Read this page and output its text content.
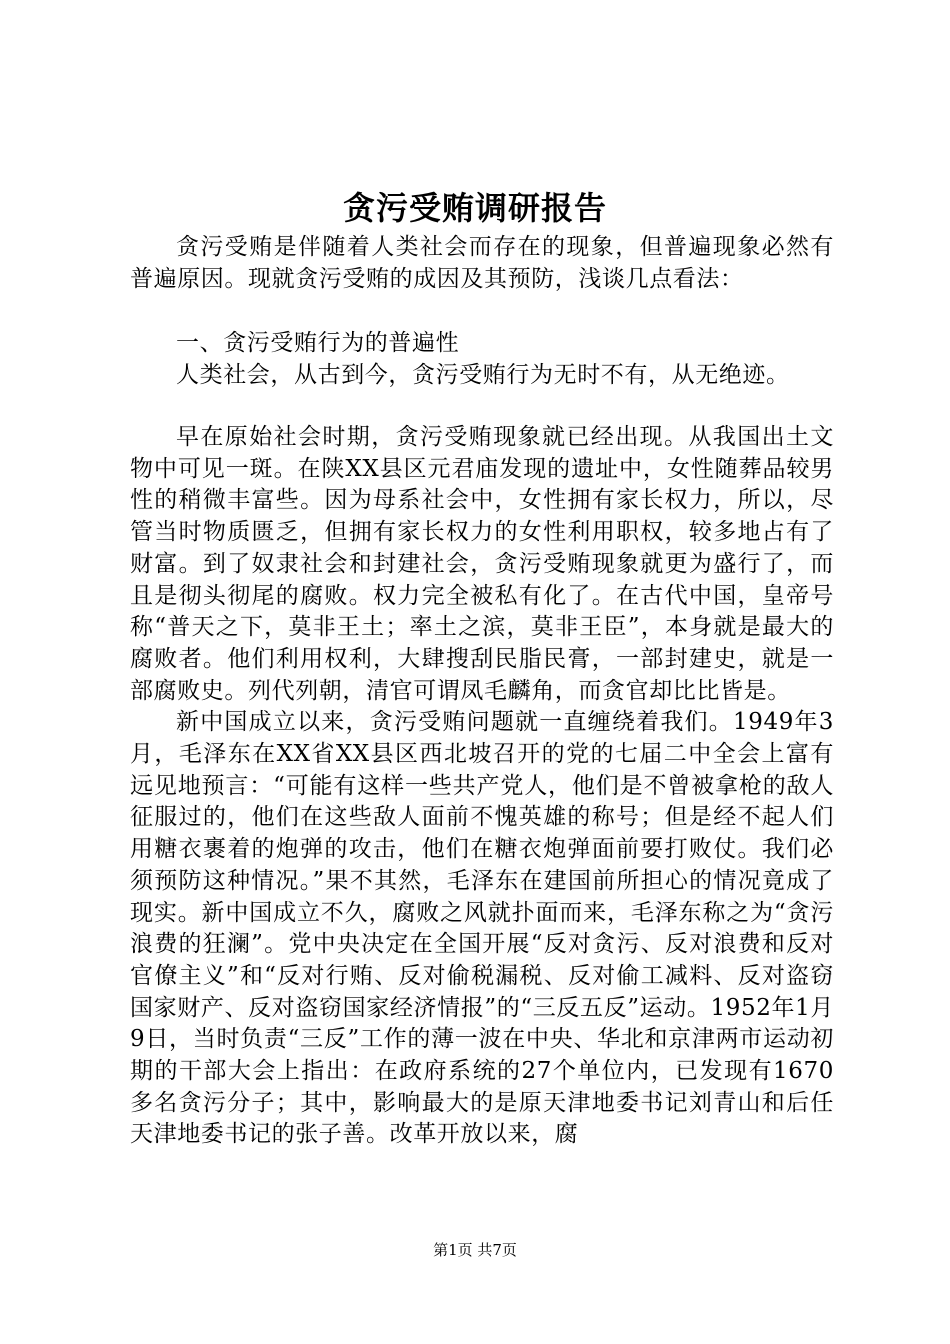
贪污受贿调研报告

贪污受贿是伴随着人类社会而存在的现象，但普遍现象必然有普遍原因。现就贪污受贿的成因及其预防，浅谈几点看法：

一、贪污受贿行为的普遍性

人类社会，从古到今，贪污受贿行为无时不有，从无绝迹。

早在原始社会时期，贪污受贿现象就已经出现。从我国出土文物中可见一斑。在陕XX县区元君庙发现的遗址中，女性随葬品较男性的稍微丰富些。因为母系社会中，女性拥有家长权力，所以，尽管当时物质匮乏，但拥有家长权力的女性利用职权，较多地占有了财富。到了奴隶社会和封建社会，贪污受贿现象就更为盛行了，而且是彻头彻尾的腐败。权力完全被私有化了。在古代中国，皇帝号称“普天之下，莫非王土；率土之滨，莫非王臣”，本身就是最大的腐败者。他们利用权利，大肆搜刮民脂民膏，一部封建史，就是一部腐败史。列代列朝，清官可谓凤毛麟角，而贪官却比比皆是。

新中国成立以来，贪污受贿问题就一直缠绕着我们。1949年3月，毛泽东在XX省XX县区西北坡召开的党的七届二中全会上富有远见地预言：“可能有这样一些共产党人，他们是不曾被拿枪的敌人征服过的，他们在这些敌人面前不愧英雄的称号；但是经不起人们用糖衣裹着的炮弹的攻击，他们在糖衣炮弹面前要打败仗。我们必须预防这种情况。”果不其然，毛泽东在建国前所担心的情况竟成了现实。新中国成立不久，腐败之风就扑面而来，毛泽东称之为“贪污浪费的狂澜”。党中央决定在全国开展“反对贪污、反对浪费和反对官僚主义”和“反对行贿、反对偷税漏税、反对偷工减料、反对盗窃国家财产、反对盗窃国家经济情报”的“三反五反”运动。1952年1月9日，当时负责“三反”工作的薄一波在中央、华北和京津两市运动初期的干部大会上指出：在政府系统的27个单位内，已发现有1670多名贪污分子；其中，影响最大的是原天津地委书记刘青山和后任天津地委书记的张子善。改革开放以来，腐

第1页 共7页
